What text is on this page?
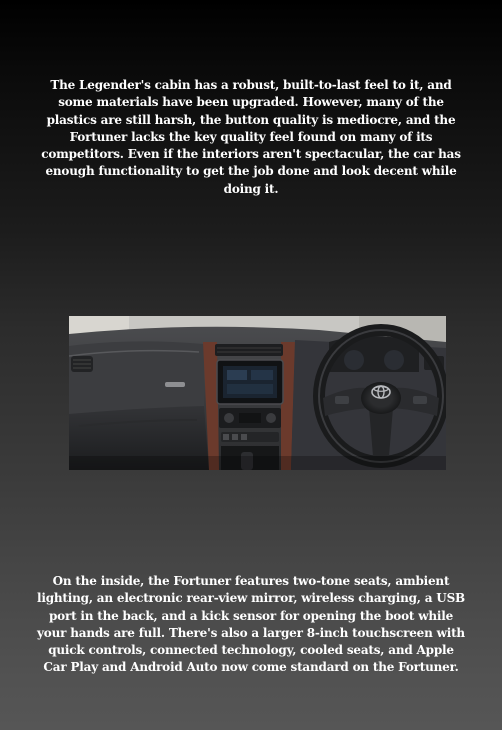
The Legender's cabin has a robust, built-to-last feel to it, and some materials have been upgraded. However, many of the plastics are still harsh, the button quality is mediocre, and the Fortuner lacks the key quality feel found on many of its competitors. Even if the interiors aren't spectacular, the car has enough functionality to get the job done and look decent while doing it.
On the inside, the Fortuner features two-tone seats, ambient lighting, an electronic rear-view mirror, wireless charging, a USB port in the back, and a kick sensor for opening the boot while your hands are full. There's also a larger 8-inch touchscreen with quick controls, connected technology, cooled seats, and Apple Car Play and Android Auto now come standard on the Fortuner.
